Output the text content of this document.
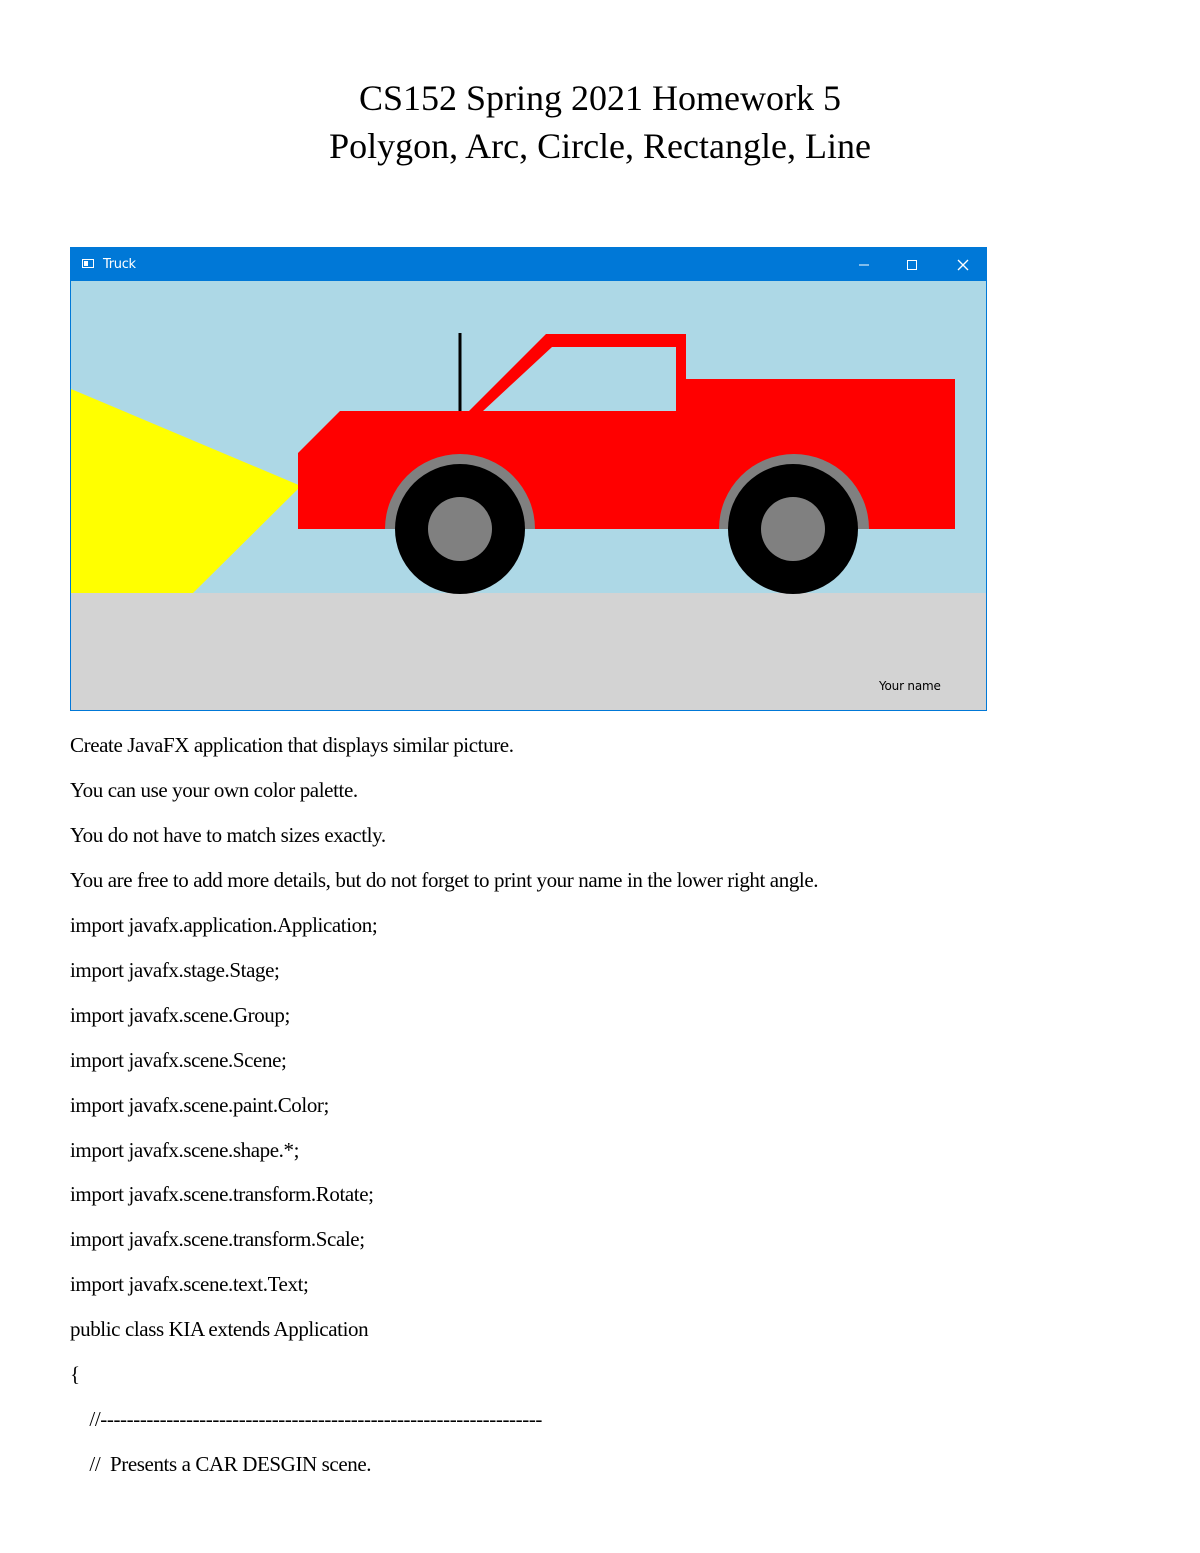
CS152 Spring 2021 Homework 5
Polygon, Arc, Circle, Rectangle, Line
Truck
Your name
Create JavaFX application that displays similar picture.
You can use your own color palette.
You do not have to match sizes exactly.
You are free to add more details, but do not forget to print your name in the lower right angle.
import javafx.application.Application;
import javafx.stage.Stage;
import javafx.scene.Group;
import javafx.scene.Scene;
import javafx.scene.paint.Color;
import javafx.scene.shape.*;
import javafx.scene.transform.Rotate;
import javafx.scene.transform.Scale;
import javafx.scene.text.Text;
public class KIA extends Application
{
//-------------------------------------------------------------------
//  Presents a CAR DESGIN scene.
